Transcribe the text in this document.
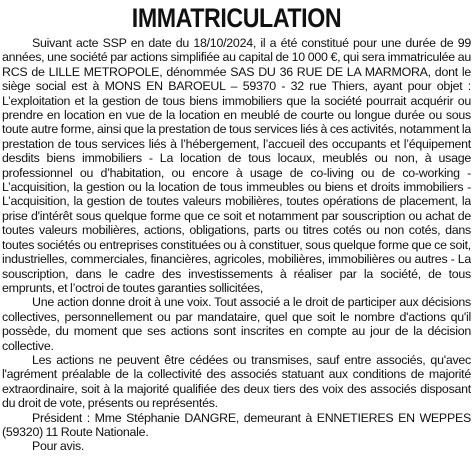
IMMATRICULATION

Suivant acte SSP en date du 18/10/2024, il a été constitué pour une durée de 99 années, une société par actions simplifiée au capital de 10 000 €, qui sera immatriculée au RCS de LILLE METROPOLE, dénommée SAS DU 36 RUE DE LA MARMORA, dont le siège social est à MONS EN BAROEUL – 59370 - 32 rue Thiers, ayant pour objet : L’exploitation et la gestion de tous biens immobiliers que la société pourrait acquérir ou prendre en location en vue de la location en meublé de courte ou longue durée ou sous toute autre forme, ainsi que la prestation de tous services liés à ces activités, notamment la prestation de tous services liés à l’hébergement, l’accueil des occupants et l’équipement desdits biens immobiliers - La location de tous locaux, meublés ou non, à usage professionnel ou d’habitation, ou encore à usage de co-living ou de co-working - L’acquisition, la gestion ou la location de tous immeubles ou biens et droits immobiliers - L’acquisition, la gestion de toutes valeurs mobilières, toutes opérations de placement, la prise d'intérêt sous quelque forme que ce soit et notamment par souscription ou achat de toutes valeurs mobilières, actions, obligations, parts ou titres cotés ou non cotés, dans toutes sociétés ou entreprises constituées ou à constituer, sous quelque forme que ce soit, industrielles, commerciales, financières, agricoles, mobilières, immobilières ou autres - La souscription, dans le cadre des investissements à réaliser par la société, de tous emprunts, et l’octroi de toutes garanties sollicitées,

Une action donne droit à une voix. Tout associé a le droit de participer aux décisions collectives, personnellement ou par mandataire, quel que soit le nombre d'actions qu'il possède, du moment que ses actions sont inscrites en compte au jour de la décision collective.

Les actions ne peuvent être cédées ou transmises, sauf entre associés, qu'avec l'agrément préalable de la collectivité des associés statuant aux conditions de majorité extraordinaire, soit à la majorité qualifiée des deux tiers des voix des associés disposant du droit de vote, présents ou représentés.

Président : Mme Stéphanie DANGRE, demeurant à ENNETIERES EN WEPPES (59320) 11 Route Nationale.

Pour avis.
